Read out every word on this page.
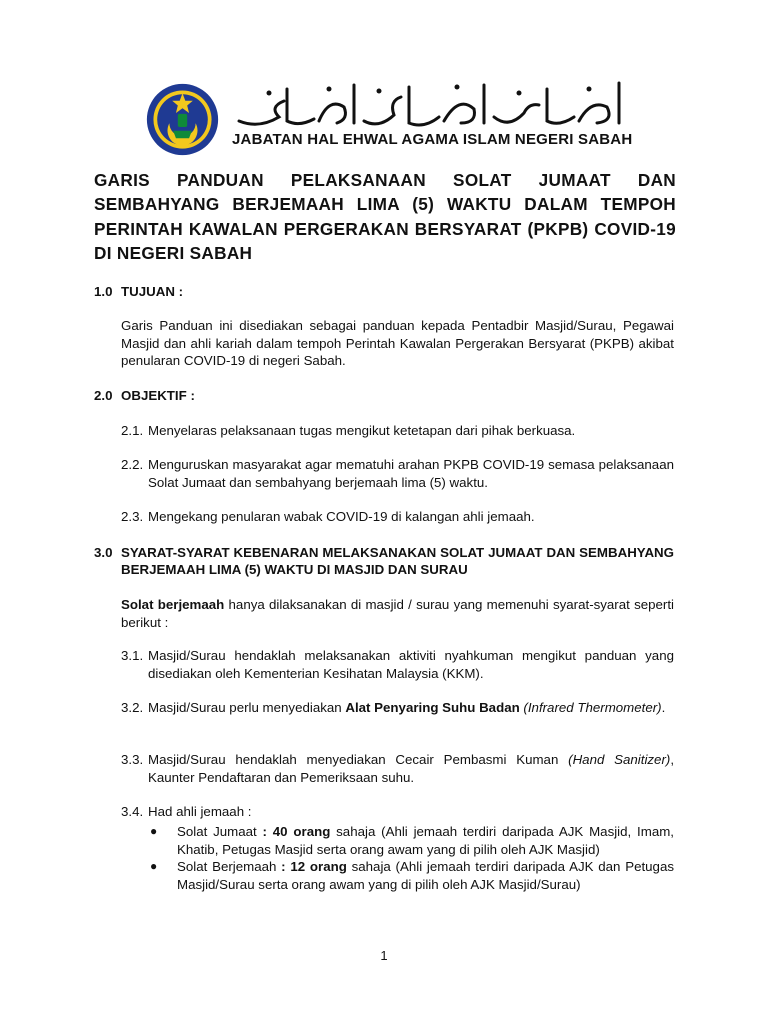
JABATAN HAL EHWAL AGAMA ISLAM NEGERI SABAH
GARIS PANDUAN PELAKSANAAN SOLAT JUMAAT DAN SEMBAHYANG BERJEMAAH LIMA (5) WAKTU DALAM TEMPOH PERINTAH KAWALAN PERGERAKAN BERSYARAT (PKPB) COVID-19 DI NEGERI SABAH
1.0 TUJUAN :
Garis Panduan ini disediakan sebagai panduan kepada Pentadbir Masjid/Surau, Pegawai Masjid dan ahli kariah dalam tempoh Perintah Kawalan Pergerakan Bersyarat (PKPB) akibat penularan COVID-19 di negeri Sabah.
2.0 OBJEKTIF :
2.1. Menyelaras pelaksanaan tugas mengikut ketetapan dari pihak berkuasa.
2.2. Menguruskan masyarakat agar mematuhi arahan PKPB COVID-19 semasa pelaksanaan Solat Jumaat dan sembahyang berjemaah lima (5) waktu.
2.3. Mengekang penularan wabak COVID-19 di kalangan ahli jemaah.
3.0 SYARAT-SYARAT KEBENARAN MELAKSANAKAN SOLAT JUMAAT DAN SEMBAHYANG
BERJEMAAH LIMA (5) WAKTU DI MASJID DAN SURAU
Solat berjemaah hanya dilaksanakan di masjid / surau yang memenuhi syarat-syarat seperti berikut :
3.1. Masjid/Surau hendaklah melaksanakan aktiviti nyahkuman mengikut panduan yang disediakan oleh Kementerian Kesihatan Malaysia (KKM).
3.2. Masjid/Surau perlu menyediakan Alat Penyaring Suhu Badan (Infrared Thermometer).
3.3. Masjid/Surau hendaklah menyediakan Cecair Pembasmi Kuman (Hand Sanitizer), Kaunter Pendaftaran dan Pemeriksaan suhu.
3.4. Had ahli jemaah :
● Solat Jumaat : 40 orang sahaja (Ahli jemaah terdiri daripada AJK Masjid, Imam, Khatib, Petugas Masjid serta orang awam yang di pilih oleh AJK Masjid)
● Solat Berjemaah : 12 orang sahaja (Ahli jemaah terdiri daripada AJK dan Petugas Masjid/Surau serta orang awam yang di pilih oleh AJK Masjid/Surau)
1
